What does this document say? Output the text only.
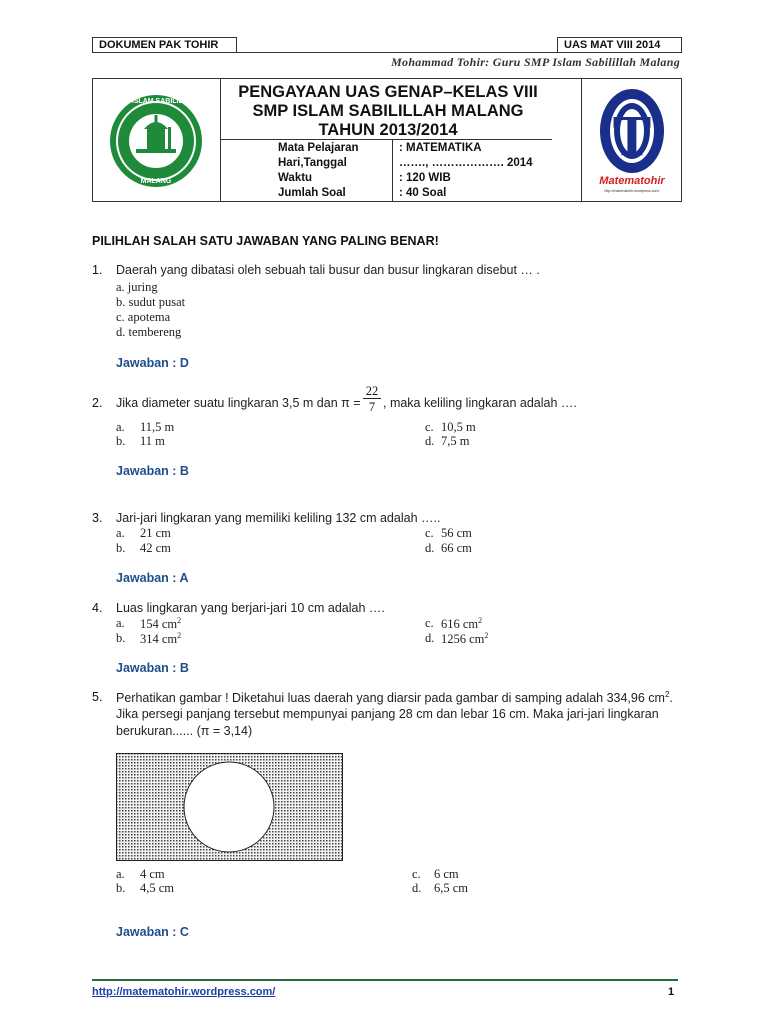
DOKUMEN PAK TOHIR	UAS MAT VIII 2014
Mohammad Tohir: Guru SMP Islam Sabilillah Malang
SMP ISLAM SABILILLAH
MALANG
PENGAYAAN UAS GENAP–KELAS VIII
SMP ISLAM SABILILLAH MALANG
TAHUN 2013/2014
Mata Pelajaran	: MATEMATIKA
Hari,Tanggal	……., ………………. 2014
Waktu	: 120 WIB
Jumlah Soal	: 40 Soal
T
Matematohir
http://matematohir.wordpress.com/
PILIHLAH SALAH SATU JAWABAN YANG PALING BENAR!
1. Daerah yang dibatasi oleh sebuah tali busur dan busur lingkaran disebut … .
a. juring
b. sudut pusat
c. apotema
d. tembereng
Jawaban : D
2. Jika diameter suatu lingkaran 3,5 m dan $\pi = \frac{22}{7}$ , maka keliling lingkaran adalah ….
a. 11,5 m
b. 11 m
c. 10,5 m
d. 7,5 m
Jawaban : B
3. Jari-jari lingkaran yang memiliki keliling 132 cm adalah …..
a. 21 cm
b. 42 cm
c. 56 cm
d. 66 cm
Jawaban : A
4. Luas lingkaran yang berjari-jari 10 cm adalah ….
a. 154 $cm^2$
b. 314 $cm^2$
c. 616 $cm^2$
d. 1256 $cm^2$
Jawaban : B
5. Perhatikan gambar ! Diketahui luas daerah yang diarsir pada gambar di samping adalah 334,96 $cm^2$.
Jika persegi panjang tersebut mempunyai panjang 28 cm dan lebar 16 cm. Maka jari-jari lingkaran
berukuran...... (π = 3,14)
a. 4 cm
b. 4,5 cm
c. 6 cm
d. 6,5 cm
Jawaban : C
http://matematohir.wordpress.com/	1
